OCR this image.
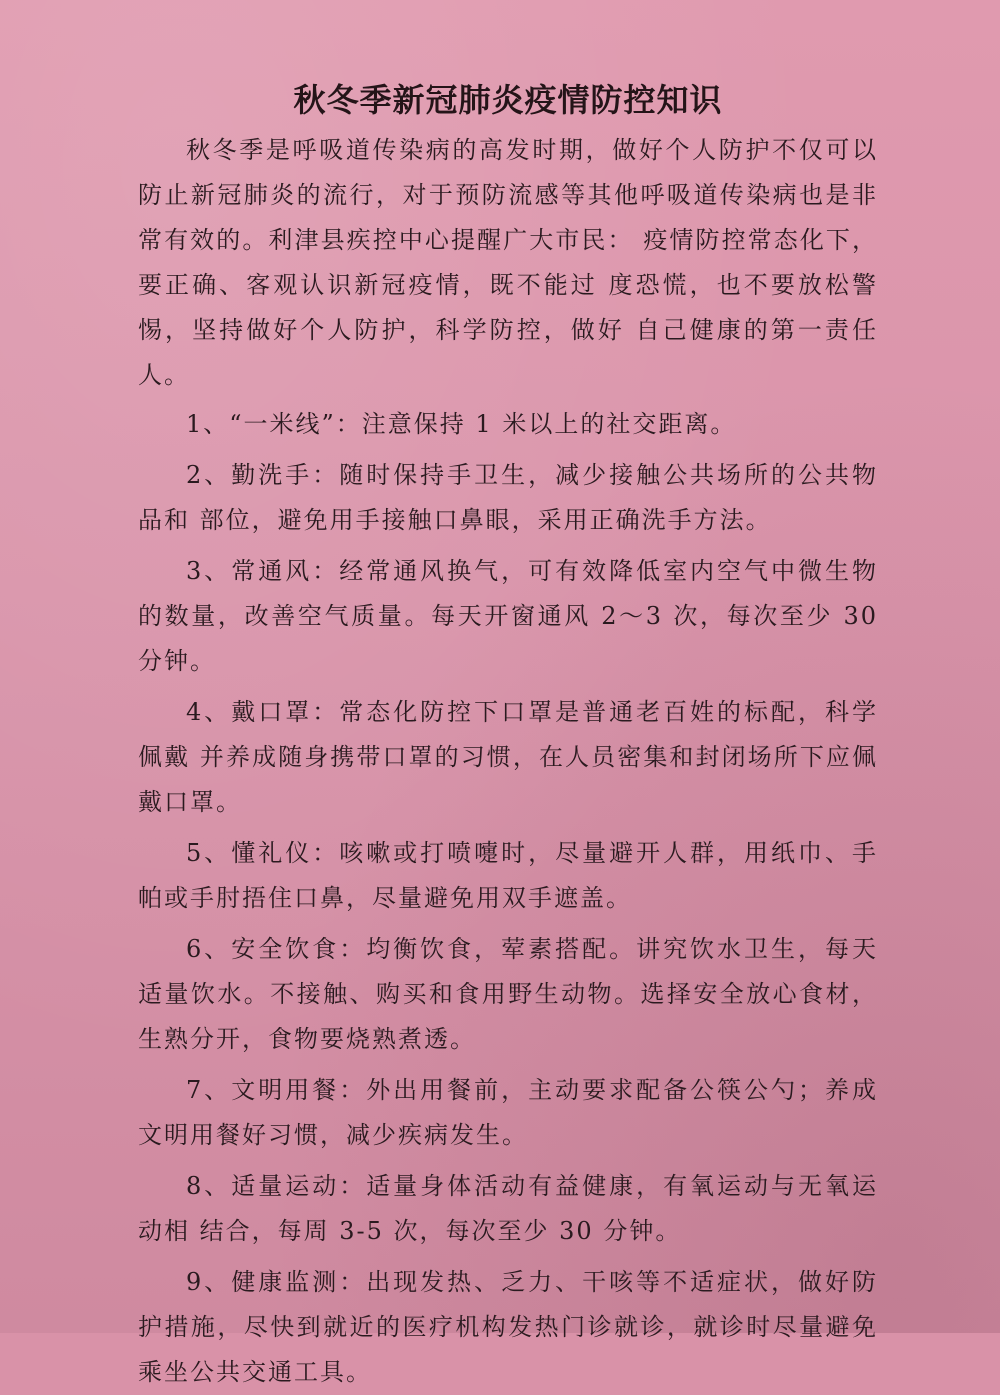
秋冬季新冠肺炎疫情防控知识

秋冬季是呼吸道传染病的高发时期，做好个人防护不仅可以 防止新冠肺炎的流行，对于预防流感等其他呼吸道传染病也是非 常有效的。利津县疾控中心提醒广大市民： 疫情防控常态化下，要正确、客观认识新冠疫情，既不能过 度恐慌，也不要放松警惕，坚持做好个人防护，科学防控，做好 自己健康的第一责任人。

1、“一米线”：注意保持 1 米以上的社交距离。

2、勤洗手：随时保持手卫生，减少接触公共场所的公共物品和 部位，避免用手接触口鼻眼，采用正确洗手方法。

3、常通风：经常通风换气，可有效降低室内空气中微生物的数量，改善空气质量。每天开窗通风 2～3 次，每次至少 30 分钟。

4、戴口罩：常态化防控下口罩是普通老百姓的标配，科学佩戴 并养成随身携带口罩的习惯，在人员密集和封闭场所下应佩戴口罩。

5、懂礼仪：咳嗽或打喷嚏时，尽量避开人群，用纸巾、手帕或手肘捂住口鼻，尽量避免用双手遮盖。

6、安全饮食：均衡饮食，荤素搭配。讲究饮水卫生，每天适量饮水。不接触、购买和食用野生动物。选择安全放心食材，生熟分开，食物要烧熟煮透。

7、文明用餐：外出用餐前，主动要求配备公筷公勺；养成文明用餐好习惯，减少疾病发生。

8、适量运动：适量身体活动有益健康，有氧运动与无氧运动相 结合，每周 3-5 次，每次至少 30 分钟。

9、健康监测：出现发热、乏力、干咳等不适症状，做好防护措施，尽快到就近的医疗机构发热门诊就诊，就诊时尽量避免乘坐公共交通工具。
